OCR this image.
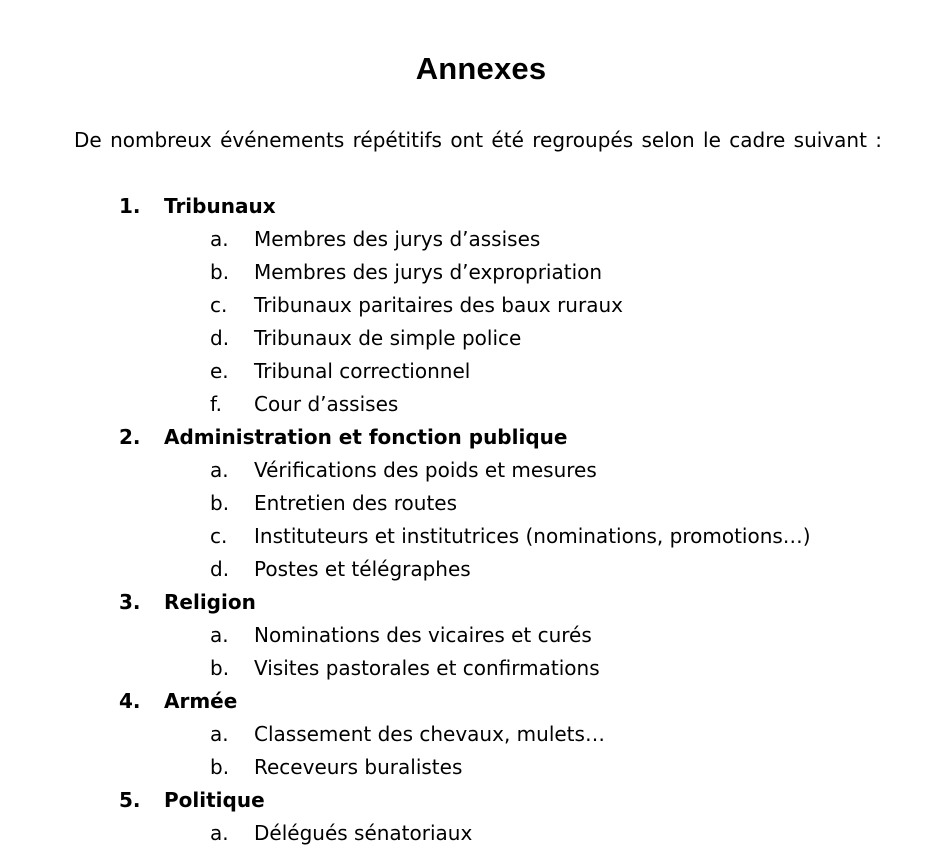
Annexes

De nombreux événements répétitifs ont été regroupés selon le cadre suivant :

1. Tribunaux
a. Membres des jurys d’assises
b. Membres des jurys d’expropriation
c. Tribunaux paritaires des baux ruraux
d. Tribunaux de simple police
e. Tribunal correctionnel
f. Cour d’assises
2. Administration et fonction publique
a. Vérifications des poids et mesures
b. Entretien des routes
c. Instituteurs et institutrices (nominations, promotions…)
d. Postes et télégraphes
3. Religion
a. Nominations des vicaires et curés
b. Visites pastorales et confirmations
4. Armée
a. Classement des chevaux, mulets…
b. Receveurs buralistes
5. Politique
a. Délégués sénatoriaux
